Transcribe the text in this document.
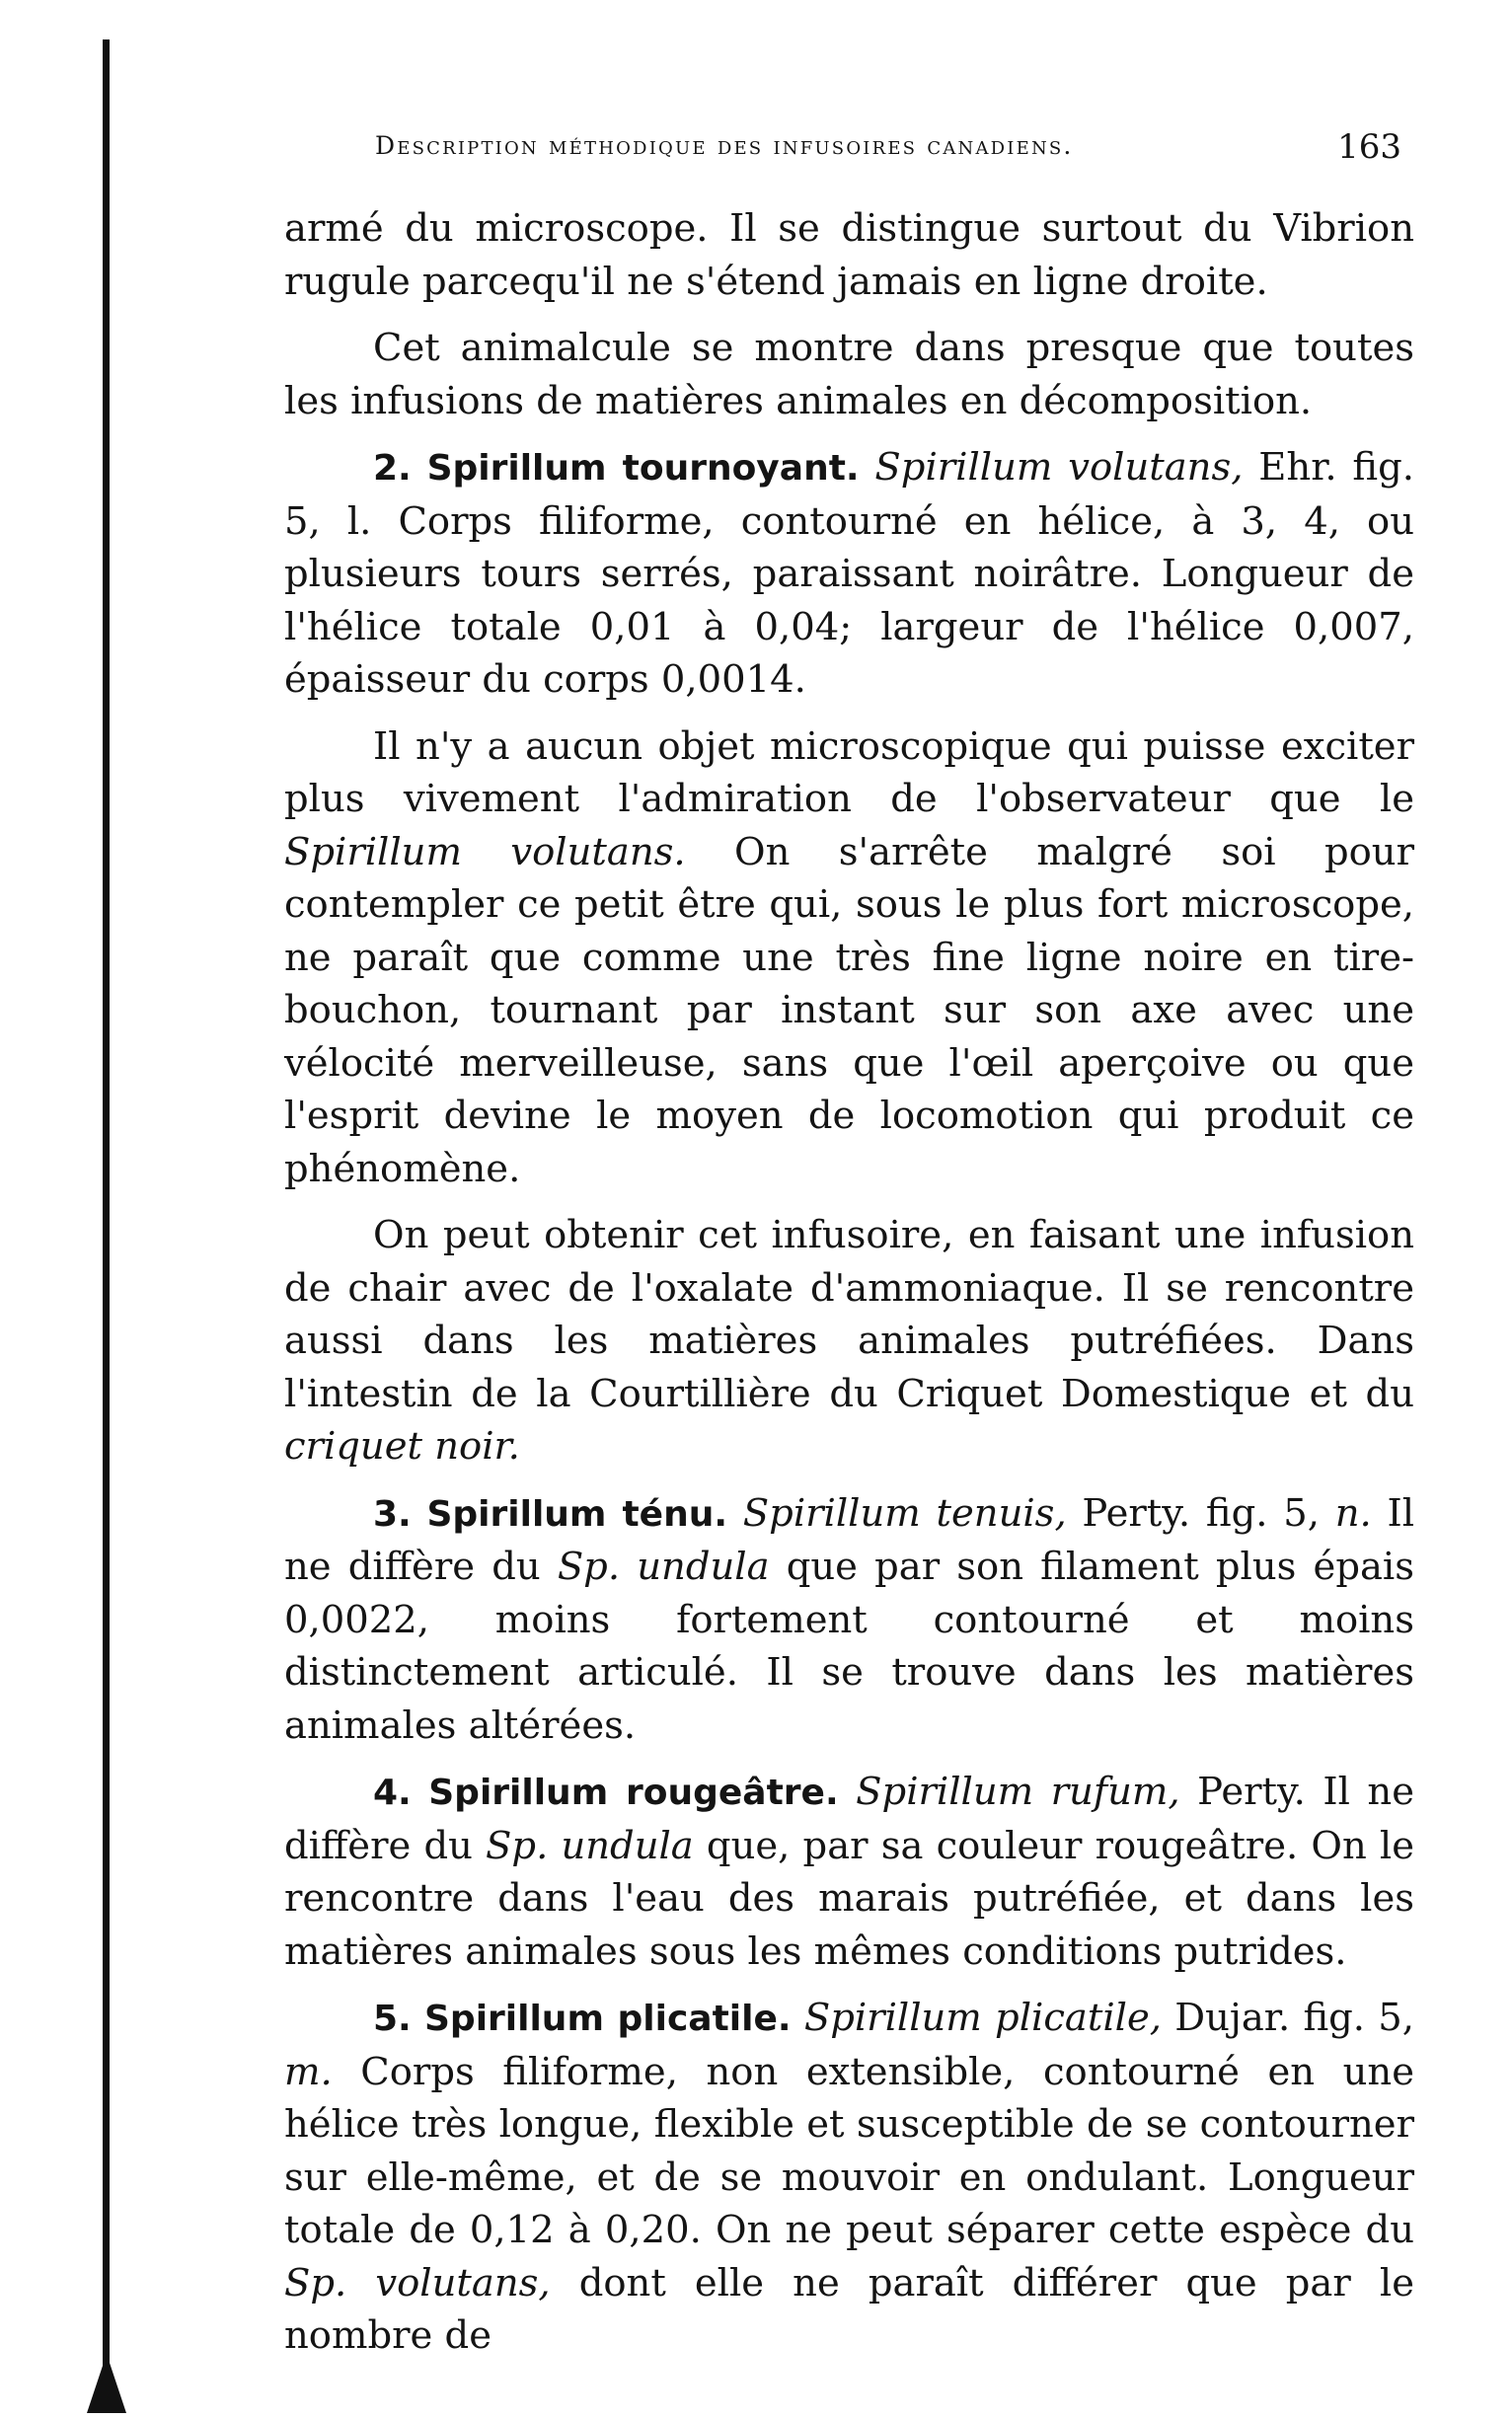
Description méthodique des infusoires canadiens.	163

armé du microscope. Il se distingue surtout du Vibrion rugule parcequ'il ne s'étend jamais en ligne droite.

Cet animalcule se montre dans presque que toutes les infusions de matières animales en décomposition.

2. Spirillum tournoyant. Spirillum volutans, Ehr. fig. 5, l. Corps filiforme, contourné en hélice, à 3, 4, ou plusieurs tours serrés, paraissant noirâtre. Longueur de l'hélice totale 0,01 à 0,04; largeur de l'hélice 0,007, épaisseur du corps 0,0014.

Il n'y a aucun objet microscopique qui puisse exciter plus vivement l'admiration de l'observateur que le Spirillum volutans. On s'arrête malgré soi pour contempler ce petit être qui, sous le plus fort microscope, ne paraît que comme une très fine ligne noire en tire-bouchon, tournant par instant sur son axe avec une vélocité merveilleuse, sans que l'œil aperçoive ou que l'esprit devine le moyen de locomotion qui produit ce phénomène.

On peut obtenir cet infusoire, en faisant une infusion de chair avec de l'oxalate d'ammoniaque. Il se rencontre aussi dans les matières animales putréfiées. Dans l'intestin de la Courtillière du Criquet Domestique et du criquet noir.

3. Spirillum ténu. Spirillum tenuis, Perty. fig. 5, n. Il ne diffère du Sp. undula que par son filament plus épais 0,0022, moins fortement contourné et moins distinctement articulé. Il se trouve dans les matières animales altérées.

4. Spirillum rougeâtre. Spirillum rufum, Perty. Il ne diffère du Sp. undula que, par sa couleur rougeâtre. On le rencontre dans l'eau des marais putréfiée, et dans les matières animales sous les mêmes conditions putrides.

5. Spirillum plicatile. Spirillum plicatile, Dujar. fig. 5, m. Corps filiforme, non extensible, contourné en une hélice très longue, flexible et susceptible de se contourner sur elle-même, et de se mouvoir en ondulant. Longueur totale de 0,12 à 0,20. On ne peut séparer cette espèce du Sp. volutans, dont elle ne paraît différer que par le nombre de
